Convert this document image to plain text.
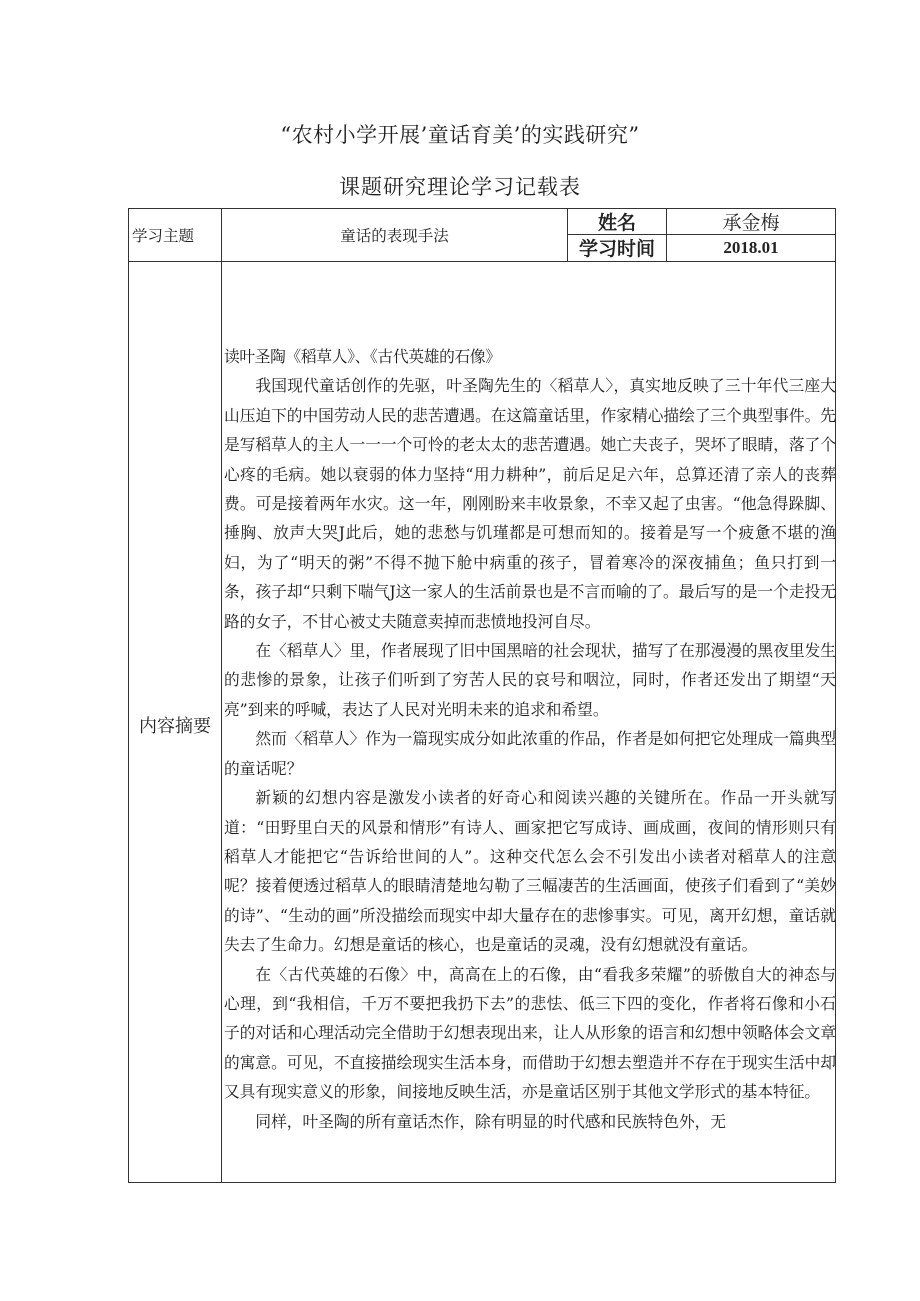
“农村小学开展’童话育美’的实践研究”
课题研究理论学习记载表
学习主题	童话的表现手法
姓名	承金梅
学习时间	2018.01
内容摘要

读叶圣陶《稻草人》、《古代英雄的石像》

我国现代童话创作的先驱，叶圣陶先生的〈稻草人〉，真实地反映了三十年代三座大山压迫下的中国劳动人民的悲苦遭遇。在这篇童话里，作家精心描绘了三个典型事件。先是写稻草人的主人一一一个可怜的老太太的悲苦遭遇。她亡夫丧子，哭坏了眼睛，落了个心疼的毛病。她以衰弱的体力坚持“用力耕种”，前后足足六年，总算还清了亲人的丧葬费。可是接着两年水灾。这一年，刚刚盼来丰收景象，不幸又起了虫害。“他急得跺脚、捶胸、放声大哭J此后，她的悲愁与饥瑾都是可想而知的。接着是写一个疲惫不堪的渔妇，为了“明天的粥”不得不抛下舱中病重的孩子，冒着寒冷的深夜捕鱼；鱼只打到一条，孩子却“只剩下喘气J这一家人的生活前景也是不言而喻的了。最后写的是一个走投无路的女子，不甘心被丈夫随意卖掉而悲愤地投河自尽。

在〈稻草人〉里，作者展现了旧中国黑暗的社会现状，描写了在那漫漫的黑夜里发生的悲惨的景象，让孩子们听到了穷苦人民的哀号和咽泣，同时，作者还发出了期望“天亮”到来的呼喊，表达了人民对光明未来的追求和希望。

然而〈稻草人〉作为一篇现实成分如此浓重的作品，作者是如何把它处理成一篇典型的童话呢？

新颖的幻想内容是激发小读者的好奇心和阅读兴趣的关键所在。作品一开头就写道：“田野里白天的风景和情形”有诗人、画家把它写成诗、画成画，夜间的情形则只有稻草人才能把它“告诉给世间的人”。这种交代怎么会不引发出小读者对稻草人的注意呢？接着便透过稻草人的眼睛清楚地勾勒了三幅凄苦的生活画面，使孩子们看到了“美妙的诗”、“生动的画”所没描绘而现实中却大量存在的悲惨事实。可见，离开幻想，童话就失去了生命力。幻想是童话的核心，也是童话的灵魂，没有幻想就没有童话。

在〈古代英雄的石像〉中，高高在上的石像，由“看我多荣耀”的骄傲自大的神态与心理，到“我相信，千万不要把我扔下去”的悲怯、低三下四的变化，作者将石像和小石子的对话和心理活动完全借助于幻想表现出来，让人从形象的语言和幻想中领略体会文章的寓意。可见，不直接描绘现实生活本身，而借助于幻想去塑造并不存在于现实生活中却又具有现实意义的形象，间接地反映生活，亦是童话区别于其他文学形式的基本特征。

同样，叶圣陶的所有童话杰作，除有明显的时代感和民族特色外，无
